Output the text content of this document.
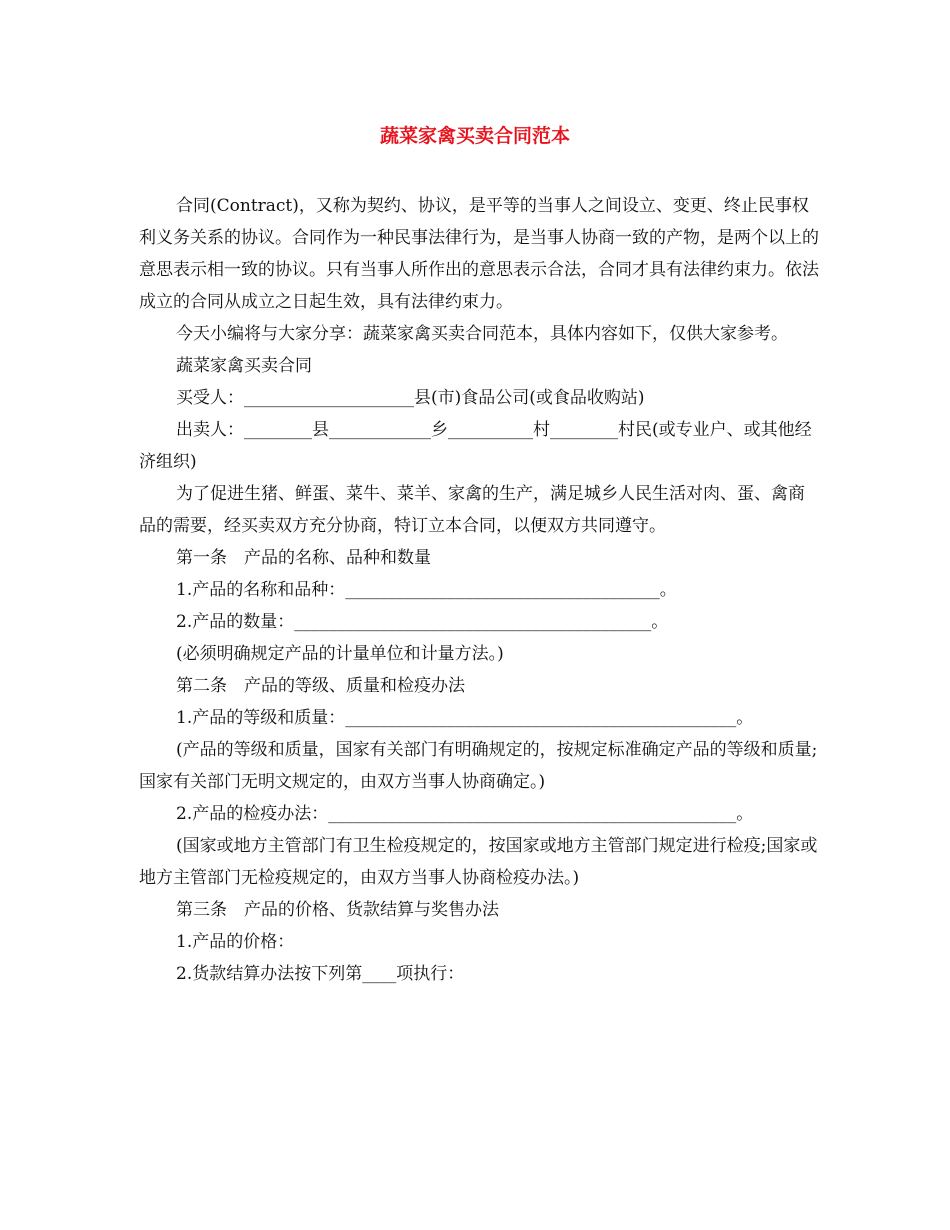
蔬菜家禽买卖合同范本

合同(Contract)，又称为契约、协议，是平等的当事人之间设立、变更、终止民事权利义务关系的协议。合同作为一种民事法律行为，是当事人协商一致的产物，是两个以上的意思表示相一致的协议。只有当事人所作出的意思表示合法，合同才具有法律约束力。依法成立的合同从成立之日起生效，具有法律约束力。

今天小编将与大家分享：蔬菜家禽买卖合同范本，具体内容如下，仅供大家参考。

蔬菜家禽买卖合同

买受人：____________________县(市)食品公司(或食品收购站)

出卖人：________县____________乡__________村________村民(或专业户、或其他经济组织)

为了促进生猪、鲜蛋、菜牛、菜羊、家禽的生产，满足城乡人民生活对肉、蛋、禽商品的需要，经买卖双方充分协商，特订立本合同，以便双方共同遵守。

第一条　产品的名称、品种和数量

1.产品的名称和品种：_____________________________________。

2.产品的数量：__________________________________________。

(必须明确规定产品的计量单位和计量方法。)

第二条　产品的等级、质量和检疫办法

1.产品的等级和质量：______________________________________________。

(产品的等级和质量，国家有关部门有明确规定的，按规定标准确定产品的等级和质量;国家有关部门无明文规定的，由双方当事人协商确定。)

2.产品的检疫办法：________________________________________________。

(国家或地方主管部门有卫生检疫规定的，按国家或地方主管部门规定进行检疫;国家或地方主管部门无检疫规定的，由双方当事人协商检疫办法。)

第三条　产品的价格、货款结算与奖售办法

1.产品的价格：

2.货款结算办法按下列第____项执行：
